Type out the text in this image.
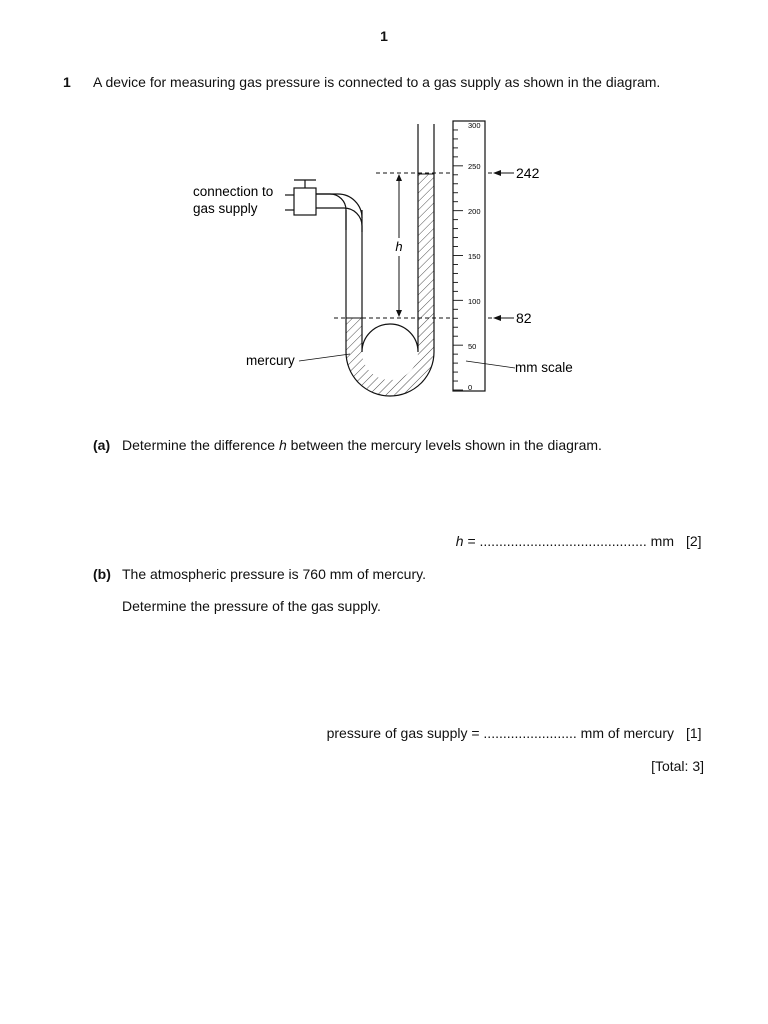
1
1 A device for measuring gas pressure is connected to a gas supply as shown in the diagram.
h
300
250
200
150
100
50
0
242
82
connection to
gas supply
mercury	mm scale
(a) Determine the difference h between the mercury levels shown in the diagram.
h = ........................................... mm [2]
(b) The atmospheric pressure is 760 mm of mercury.
Determine the pressure of the gas supply.
pressure of gas supply = ........................ mm of mercury [1]
[Total: 3]
